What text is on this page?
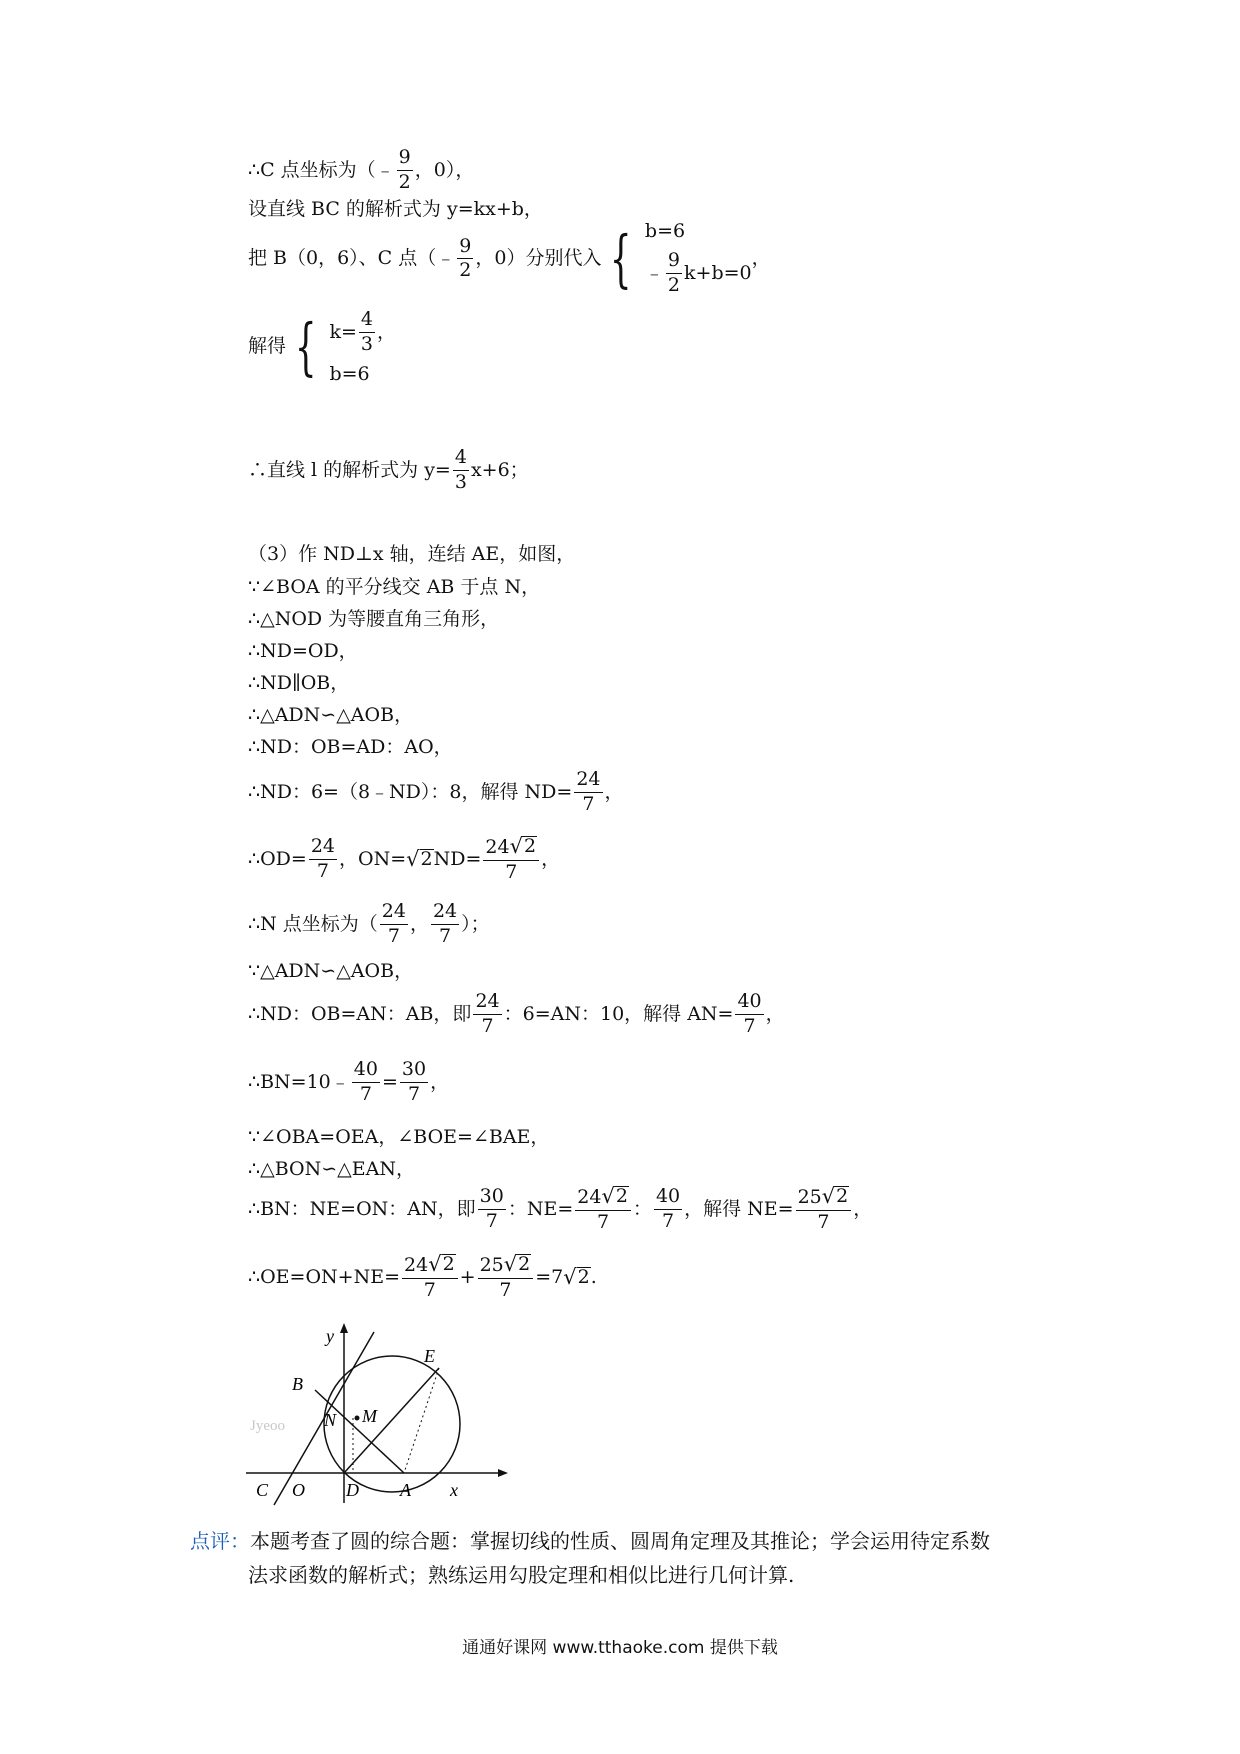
∴C 点坐标为（﹣ $\frac{9}{2}$ ，0），
设直线 BC 的解析式为 y=kx+b，
把 B（0，6）、C 点（﹣ $\frac{9}{2}$ ，0）分别代入 { b=6
﹣ $\frac{9}{2} k+b=0$
，
解得 { $k= \frac{4}{3}$ ，
b=6
∴直线 l 的解析式为 $y= \frac{4}{3} x+6$；
（3）作 ND⊥x 轴，连结 AE，如图，
∵∠BOA 的平分线交 AB 于点 N，
∴△NOD 为等腰直角三角形，
∴ND=OD，
∴ND∥OB，
∴△ADN∽△AOB，
∴ND：OB=AD：AO，
∴ND：6=（8﹣ND）：8，解得 $ND= \frac{24}{7}$ ，
∴OD= $\frac{24}{7}$ ，ON= √ 2 $ND= \frac{24 √ 2}{7}$ ，
∴N 点坐标为（ $\frac{24}{7}$ ， $\frac{24}{7}$ ）；
∵△ADN∽△AOB，
∴ND：OB=AN：AB，即 $\frac{24}{7}$ ：6=AN：10，解得 $AN= \frac{40}{7}$ ，
∴BN=10﹣ $\frac{40}{7} = \frac{30}{7}$ ，
∵∠OBA=OEA，∠BOE=∠BAE，
∴△BON∽△EAN，
∴BN：NE=ON：AN，即 $\frac{30}{7}$ ：$NE= \frac{24 √ 2}{7}$ ： $\frac{40}{7}$ ，解得 $NE= \frac{25 √ 2}{7}$ ，
∴OE=ON+NE= $\frac{24 √ 2}{7} + \frac{25 √ 2}{7} =7$ √ 2 .
Jyeoo
y
x
B
E
N M
C O D A
点评：本题考查了圆的综合题：掌握切线的性质、圆周角定理及其推论；学会运用待定系数
法求函数的解析式；熟练运用勾股定理和相似比进行几何计算.
通通好课网 www.tthaoke.com 提供下载
